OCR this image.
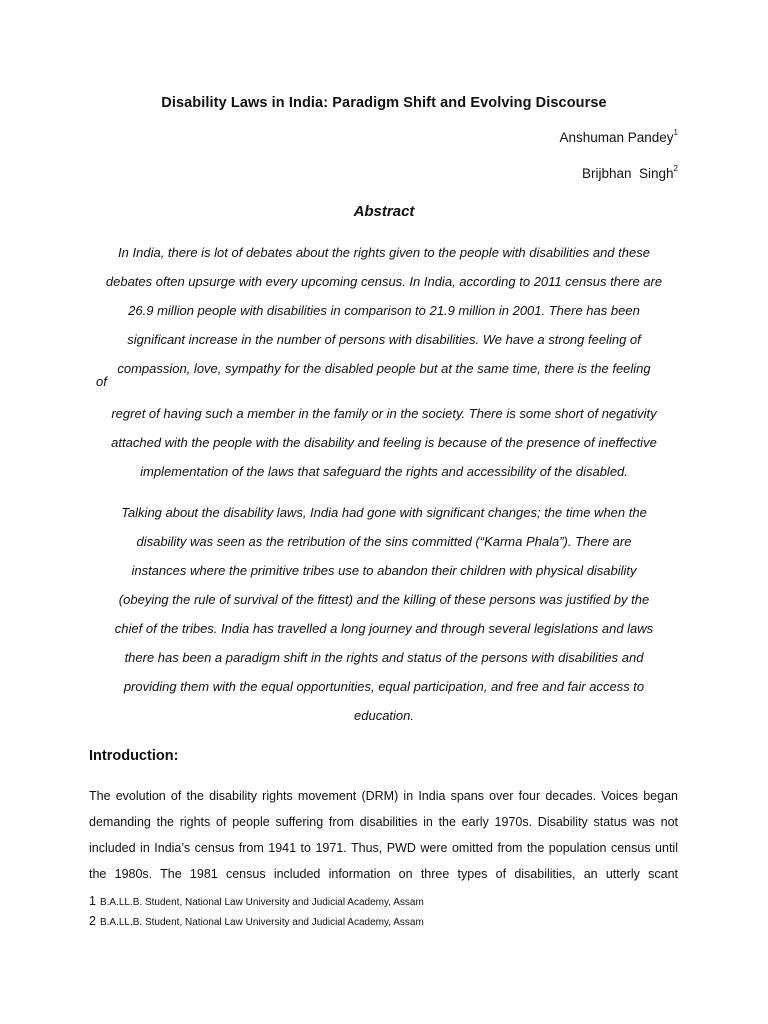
Disability Laws in India: Paradigm Shift and Evolving Discourse
Anshuman Pandey$^1$
Brijbhan  Singh$^2$
Abstract
In India, there is lot of debates about the rights given to the people with disabilities and these
debates often upsurge with every upcoming census. In India, according to 2011 census there are
26.9 million people with disabilities in comparison to 21.9 million in 2001. There has been
significant increase in the number of persons with disabilities. We have a strong feeling of
compassion, love, sympathy for the disabled people but at the same time, there is the feeling
of
regret of having such a member in the family or in the society. There is some short of negativity
attached with the people with the disability and feeling is because of the presence of ineffective
implementation of the laws that safeguard the rights and accessibility of the disabled.
Talking about the disability laws, India had gone with significant changes; the time when the
disability was seen as the retribution of the sins committed (“Karma Phala”). There are
instances where the primitive tribes use to abandon their children with physical disability
(obeying the rule of survival of the fittest) and the killing of these persons was justified by the
chief of the tribes. India has travelled a long journey and through several legislations and laws
there has been a paradigm shift in the rights and status of the persons with disabilities and
providing them with the equal opportunities, equal participation, and free and fair access to
education.
Introduction:
The evolution of the disability rights movement (DRM) in India spans over four decades. Voices began
demanding the rights of people suffering from disabilities in the early 1970s. Disability status was not
included in India’s census from 1941 to 1971. Thus, PWD were omitted from the population census until
the 1980s. The 1981 census included information on three types of disabilities, an utterly scant
1 B.A.LL.B. Student, National Law University and Judicial Academy, Assam
2 B.A.LL.B. Student, National Law University and Judicial Academy, Assam
